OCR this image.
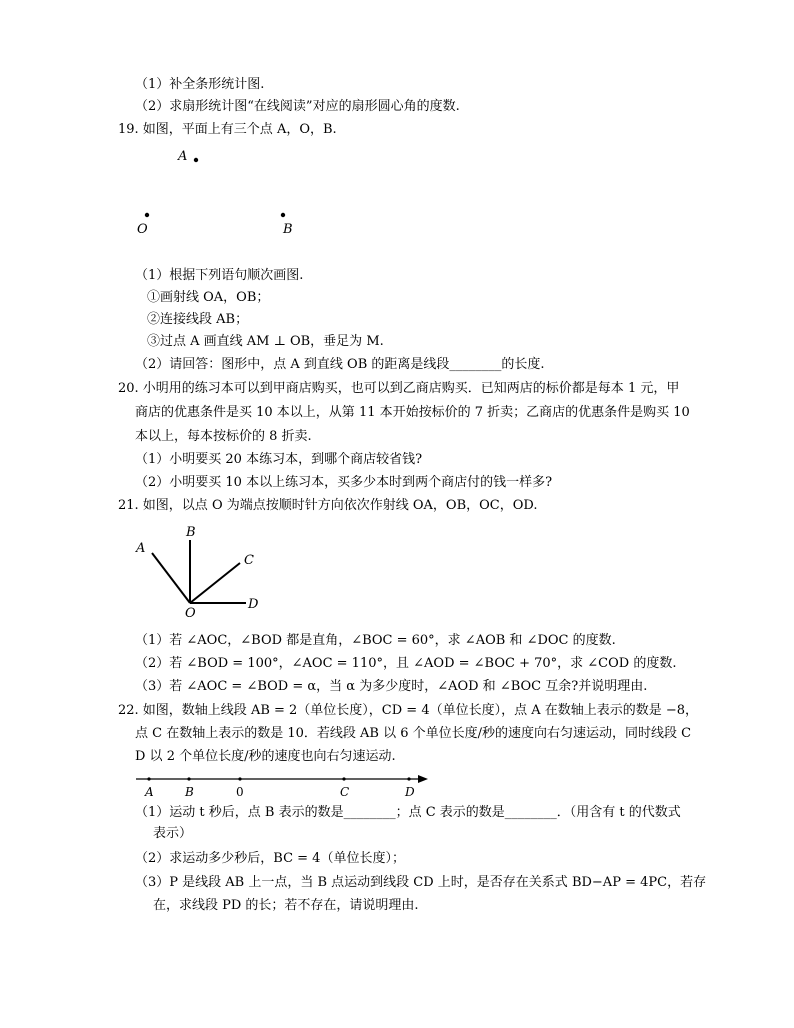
（1）补全条形统计图.
（2）求扇形统计图“在线阅读”对应的扇形圆心角的度数.
19. 如图，平面上有三个点 A，O，B.
A
O	B
（1）根据下列语句顺次画图.
①画射线 OA，OB；
②连接线段 AB；
③过点 A 画直线 AM ⊥ OB，垂足为 M.
（2）请回答：图形中，点 A 到直线 OB 的距离是线段________的长度.
20. 小明用的练习本可以到甲商店购买，也可以到乙商店购买．已知两店的标价都是每本 1 元，甲
商店的优惠条件是买 10 本以上，从第 11 本开始按标价的 7 折卖；乙商店的优惠条件是购买 10
本以上，每本按标价的 8 折卖.
（1）小明要买 20 本练习本，到哪个商店较省钱?
（2）小明要买 10 本以上练习本，买多少本时到两个商店付的钱一样多?
21. 如图，以点 O 为端点按顺时针方向依次作射线 OA，OB，OC，OD.
A
B
C
D
O
（1）若 ∠AOC，∠BOD 都是直角，∠BOC = 60°，求 ∠AOB 和 ∠DOC 的度数.
（2）若 ∠BOD = 100°，∠AOC = 110°，且 ∠AOD = ∠BOC + 70°，求 ∠COD 的度数.
（3）若 ∠AOC = ∠BOD = α，当 α 为多少度时，∠AOD 和 ∠BOC 互余?并说明理由.
22. 如图，数轴上线段 AB = 2（单位长度），CD = 4（单位长度），点 A 在数轴上表示的数是 −8，
点 C 在数轴上表示的数是 10．若线段 AB 以 6 个单位长度/秒的速度向右匀速运动，同时线段 C
D 以 2 个单位长度/秒的速度也向右匀速运动.
A	B	0	C	D
（1）运动 t 秒后，点 B 表示的数是________；点 C 表示的数是________．（用含有 t 的代数式
表示）
（2）求运动多少秒后，BC = 4（单位长度）；
（3）P 是线段 AB 上一点，当 B 点运动到线段 CD 上时，是否存在关系式 BD−AP = 4PC，若存
在，求线段 PD 的长；若不存在，请说明理由.
